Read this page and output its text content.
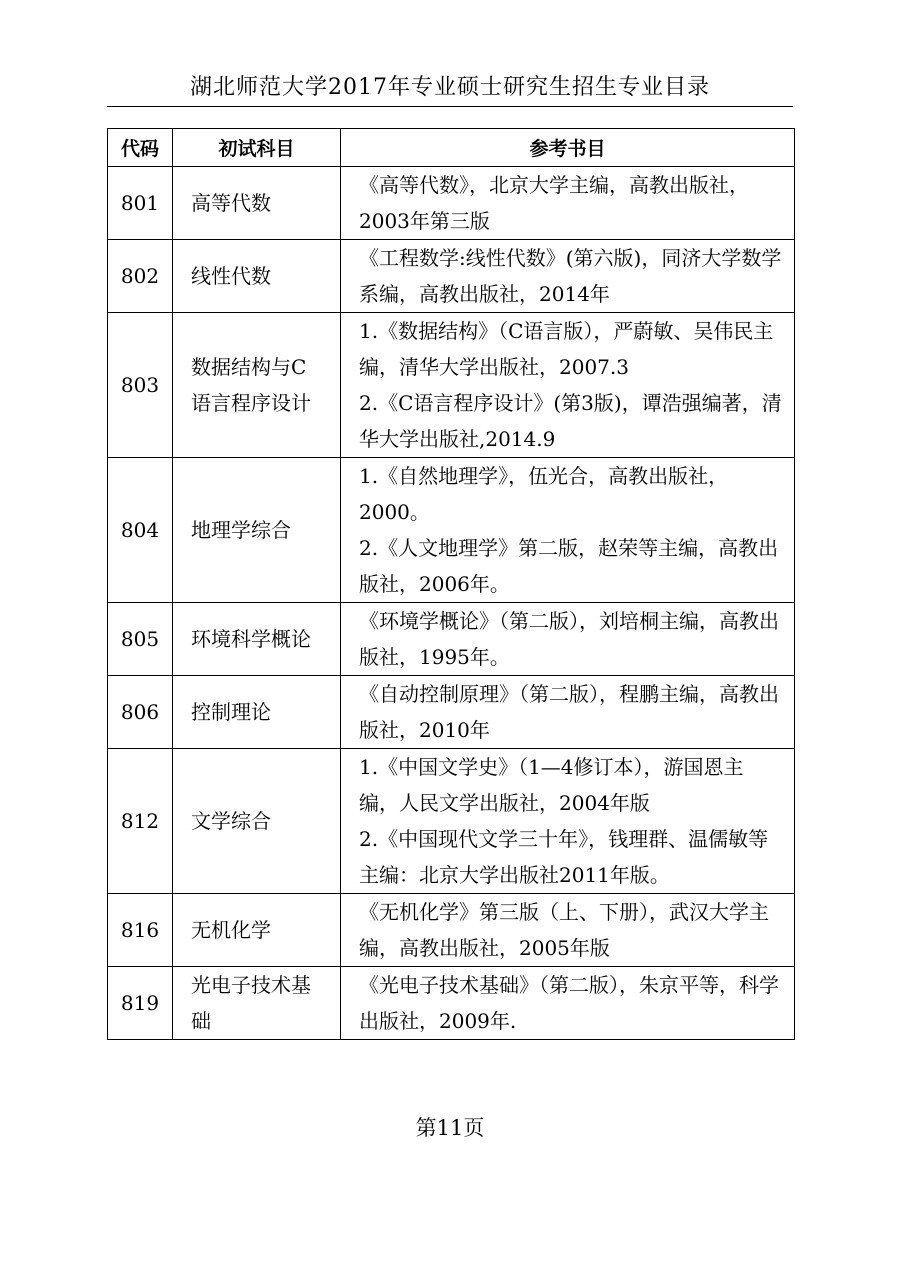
湖北师范大学2017年专业硕士研究生招生专业目录
代码	初试科目	参考书目
801	高等代数	《高等代数》，北京大学主编，高教出版社，2003年第三版

802	线性代数	《工程数学:线性代数》(第六版)，同济大学数学系编，高教出版社，2014年

803	数据结构与C语言程序设计	1.《数据结构》（C语言版），严蔚敏、吴伟民主编，清华大学出版社，2007.3
2.《C语言程序设计》(第3版)，谭浩强编著，清华大学出版社,2014.9

804	地理学综合	1.《自然地理学》，伍光合，高教出版社，2000。
2.《人文地理学》第二版，赵荣等主编，高教出版社，2006年。

805	环境科学概论	《环境学概论》（第二版），刘培桐主编，高教出版社，1995年。

806	控制理论	《自动控制原理》（第二版），程鹏主编，高教出版社，2010年

812	文学综合	1.《中国文学史》（1—4修订本），游国恩主编，人民文学出版社，2004年版
2.《中国现代文学三十年》，钱理群、温儒敏等主编：北京大学出版社2011年版。

816	无机化学	《无机化学》第三版（上、下册），武汉大学主编，高教出版社，2005年版

819	光电子技术基础	《光电子技术基础》（第二版），朱京平等，科学出版社，2009年.
第11页
